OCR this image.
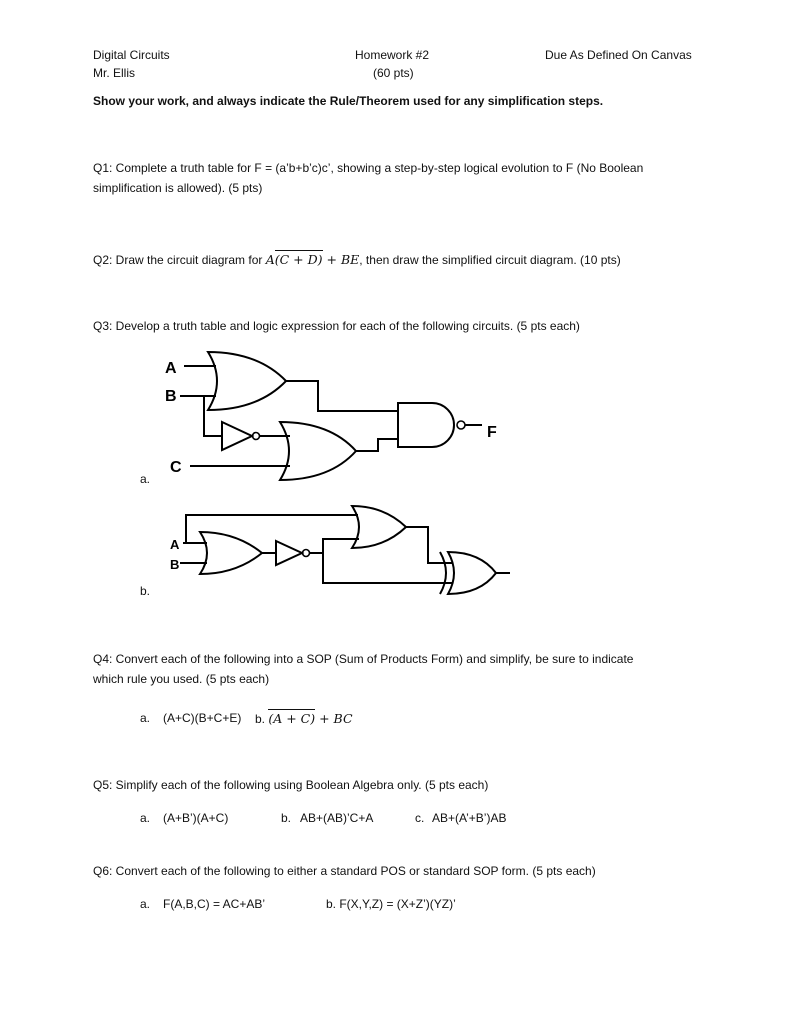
Digital Circuits
Mr. Ellis
Homework #2
(60 pts)
Due As Defined On Canvas
Show your work, and always indicate the Rule/Theorem used for any simplification steps.
Q1: Complete a truth table for F = (a’b+b’c)c’, showing a step-by-step logical evolution to F (No Boolean
simplification is allowed). (5 pts)
Q2: Draw the circuit diagram for A(C + D) + BE, then draw the simplified circuit diagram. (10 pts)
Q3: Develop a truth table and logic expression for each of the following circuits. (5 pts each)
A
B
C
F
A
B
a.
b.
Q4: Convert each of the following into a SOP (Sum of Products Form) and simplify, be sure to indicate
which rule you used. (5 pts each)
a. (A+C)(B+C+E) b. (A + C) + BC
Q5: Simplify each of the following using Boolean Algebra only. (5 pts each)
a. (A+B’)(A+C)	b. AB+(AB)’C+A	c. AB+(A’+B’)AB
Q6: Convert each of the following to either a standard POS or standard SOP form. (5 pts each)
a. F(A,B,C) = AC+AB’	b. F(X,Y,Z) = (X+Z’)(YZ)’
